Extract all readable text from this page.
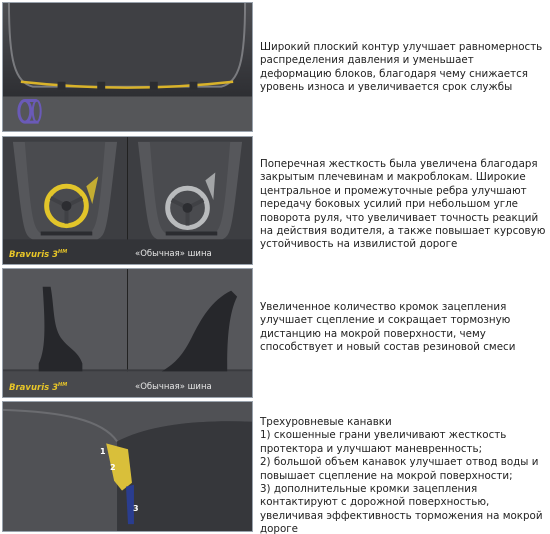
Bravuris $3^{HM}$	«Обычная» шина
Bravuris $3^{HM}$	«Обычная» шина
1
2
3

Широкий плоский контур улучшает равномерность распределения давления и уменьшает деформацию блоков, благодаря чему снижается уровень износа и увеличивается срок службы

Поперечная жесткость была увеличена благодаря закрытым плечевинам и макроблокам. Широкие центральное и промежуточные ребра улучшают передачу боковых усилий при небольшом угле поворота руля, что увеличивает точность реакций на действия водителя, а также повышает курсовую устойчивость на извилистой дороге

Увеличенное количество кромок зацепления улучшает сцепление и сокращает тормозную дистанцию на мокрой поверхности, чему способствует и новый состав резиновой смеси

Трехуровневые канавки

1) скошенные грани увеличивают жесткость протектора и улучшают маневренность;

2) большой объем канавок улучшает отвод воды и повышает сцепление на мокрой поверхности;

3) дополнительные кромки зацепления контактируют с дорожной поверхностью, увеличивая эффективность торможения на мокрой дороге
